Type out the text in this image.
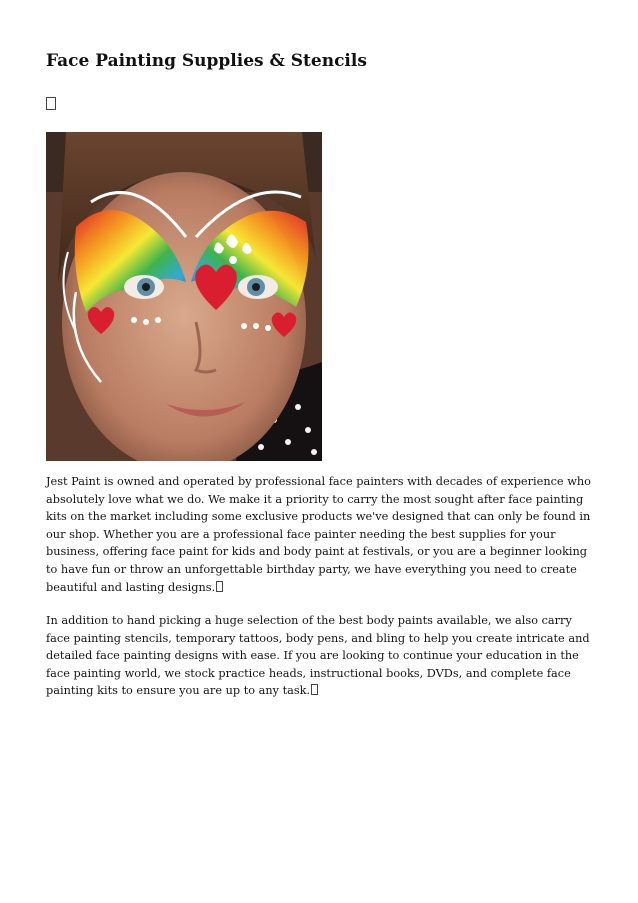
Face Painting Supplies & Stencils

Jest Paint is owned and operated by professional face painters with decades of experience who absolutely love what we do. We make it a priority to carry the most sought after face painting kits on the market including some exclusive products we've designed that can only be found in our shop. Whether you are a professional face painter needing the best supplies for your business, offering face paint for kids and body paint at festivals, or you are a beginner looking to have fun or throw an unforgettable birthday party, we have everything you need to create beautiful and lasting designs.

In addition to hand picking a huge selection of the best body paints available, we also carry face painting stencils, temporary tattoos, body pens, and bling to help you create intricate and detailed face painting designs with ease. If you are looking to continue your education in the face painting world, we stock practice heads, instructional books, DVDs, and complete face painting kits to ensure you are up to any task.
